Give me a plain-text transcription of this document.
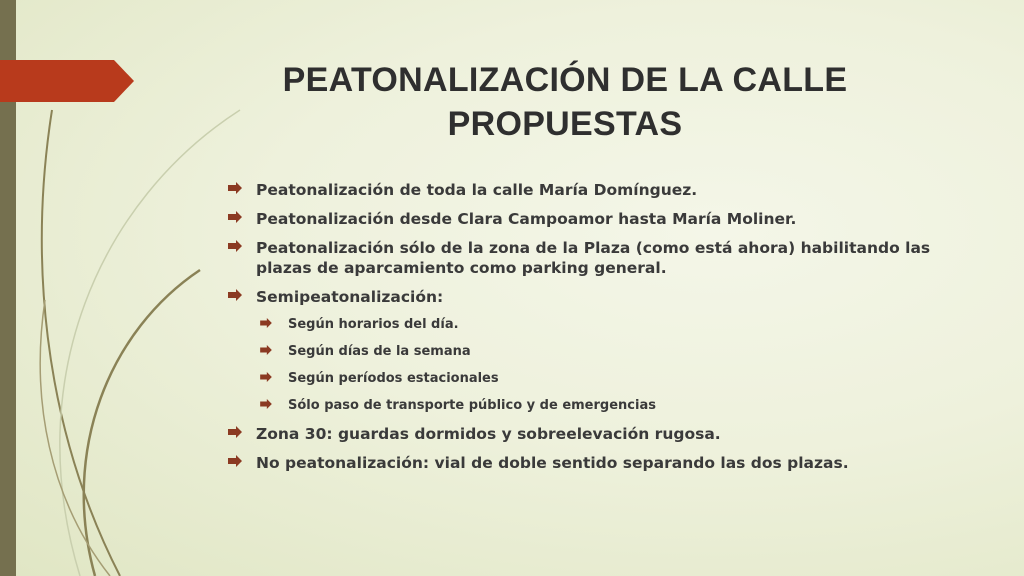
PEATONALIZACIÓN DE LA CALLE
PROPUESTAS
Peatonalización de toda la calle María Domínguez.
Peatonalización desde Clara Campoamor hasta María Moliner.
Peatonalización sólo de la zona de la Plaza (como está ahora) habilitando las plazas de aparcamiento como parking general.
Semipeatonalización:
Según horarios del día.
Según días de la semana
Según períodos estacionales
Sólo paso de transporte público y de emergencias
Zona 30: guardas dormidos y sobreelevación rugosa.
No peatonalización: vial de doble sentido separando las dos plazas.
